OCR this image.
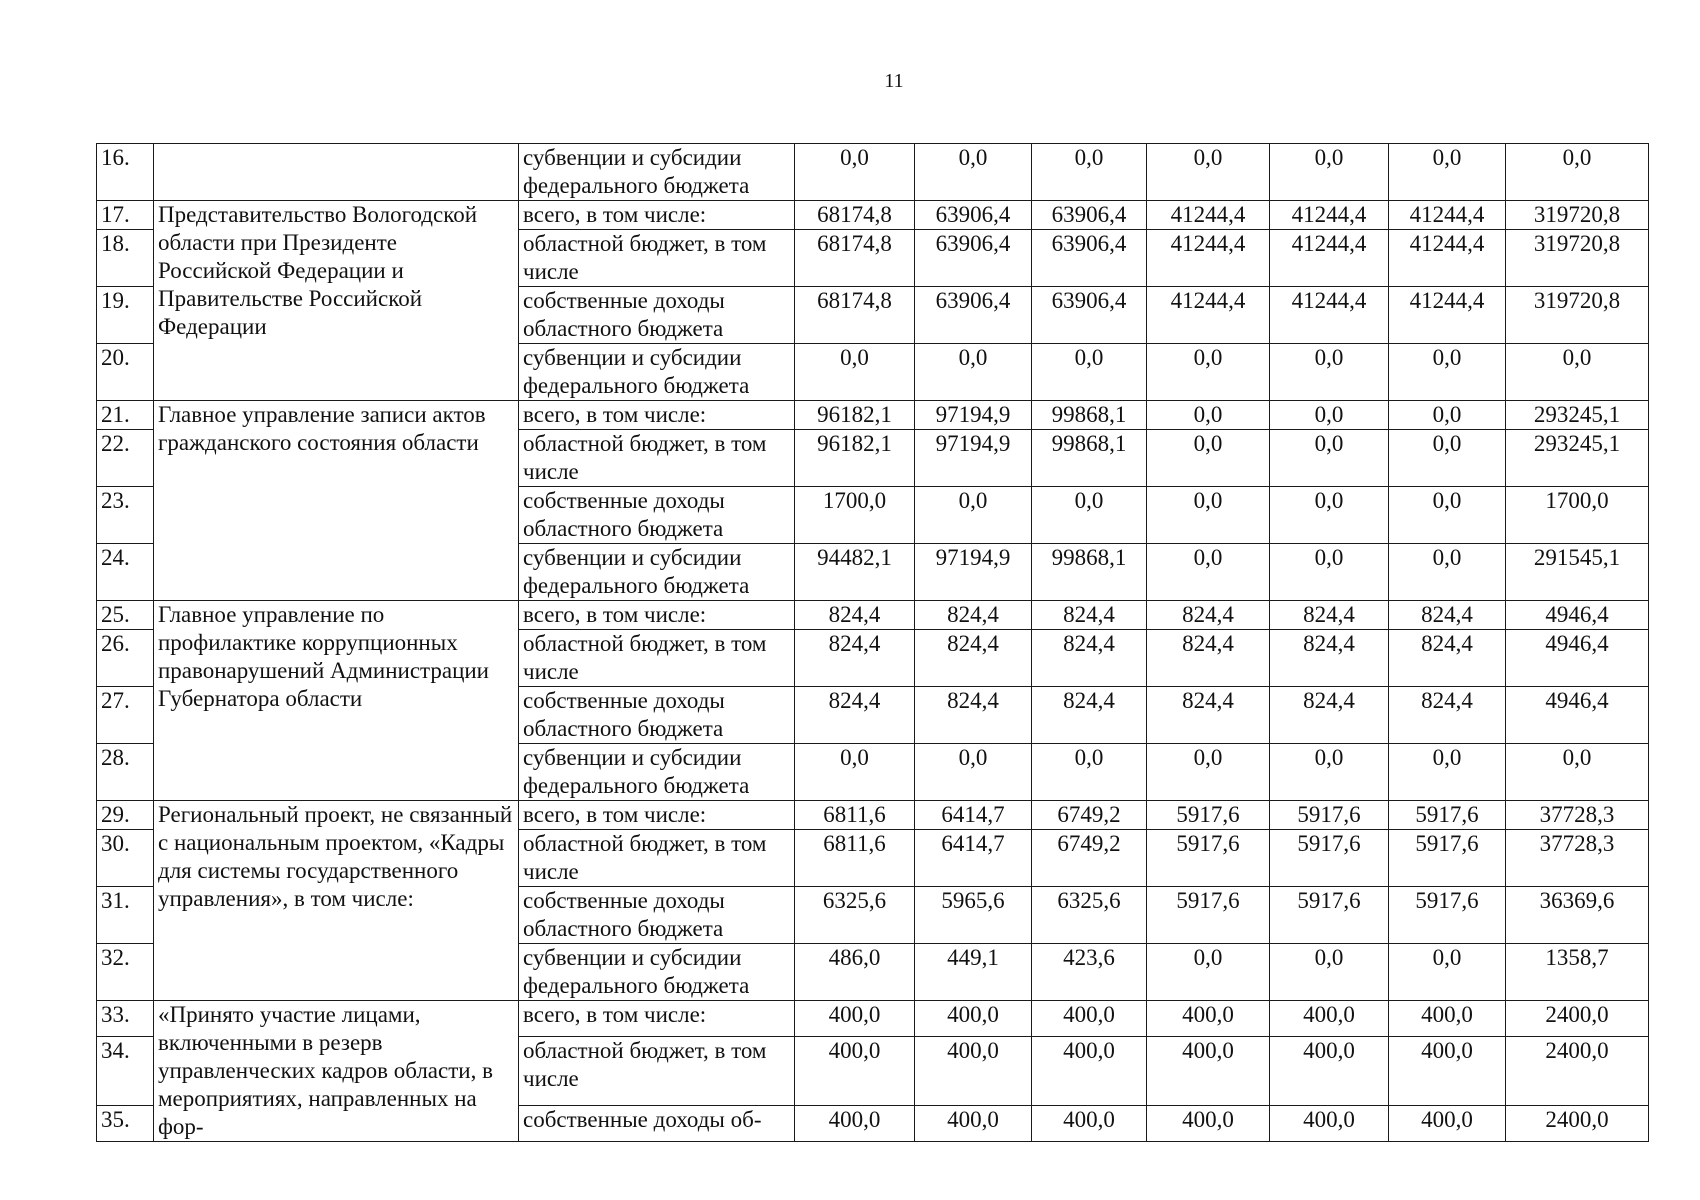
11
16.		субвенции и субсидии федерального бюджета	0,0	0,0	0,0	0,0	0,0	0,0	0,0
17.	Представительство Вологодской области при Президенте Российской Федерации и Правительстве Российской Федерации	всего, в том числе:	68174,8	63906,4	63906,4	41244,4	41244,4	41244,4	319720,8
18.		областной бюджет, в том числе	68174,8	63906,4	63906,4	41244,4	41244,4	41244,4	319720,8
19.		собственные доходы областного бюджета	68174,8	63906,4	63906,4	41244,4	41244,4	41244,4	319720,8
20.		субвенции и субсидии федерального бюджета	0,0	0,0	0,0	0,0	0,0	0,0	0,0
21.	Главное управление записи актов гражданского состояния области	всего, в том числе:	96182,1	97194,9	99868,1	0,0	0,0	0,0	293245,1
22.		областной бюджет, в том числе	96182,1	97194,9	99868,1	0,0	0,0	0,0	293245,1
23.		собственные доходы областного бюджета	1700,0	0,0	0,0	0,0	0,0	0,0	1700,0
24.		субвенции и субсидии федерального бюджета	94482,1	97194,9	99868,1	0,0	0,0	0,0	291545,1
25.	Главное управление по профилактике коррупционных правонарушений Администрации Губернатора области	всего, в том числе:	824,4	824,4	824,4	824,4	824,4	824,4	4946,4
26.		областной бюджет, в том числе	824,4	824,4	824,4	824,4	824,4	824,4	4946,4
27.		собственные доходы областного бюджета	824,4	824,4	824,4	824,4	824,4	824,4	4946,4
28.		субвенции и субсидии федерального бюджета	0,0	0,0	0,0	0,0	0,0	0,0	0,0
29.	Региональный проект, не связанный с национальным проектом, «Кадры для системы государственного управления», в том числе:	всего, в том числе:	6811,6	6414,7	6749,2	5917,6	5917,6	5917,6	37728,3
30.		областной бюджет, в том числе	6811,6	6414,7	6749,2	5917,6	5917,6	5917,6	37728,3
31.		собственные доходы областного бюджета	6325,6	5965,6	6325,6	5917,6	5917,6	5917,6	36369,6
32.		субвенции и субсидии федерального бюджета	486,0	449,1	423,6	0,0	0,0	0,0	1358,7
33.	«Принято участие лицами, включенными в резерв управленческих кадров области, в мероприятиях, направленных на фор-	всего, в том числе:	400,0	400,0	400,0	400,0	400,0	400,0	2400,0
34.		областной бюджет, в том числе	400,0	400,0	400,0	400,0	400,0	400,0	2400,0
35.		собственные доходы об-	400,0	400,0	400,0	400,0	400,0	400,0	2400,0
